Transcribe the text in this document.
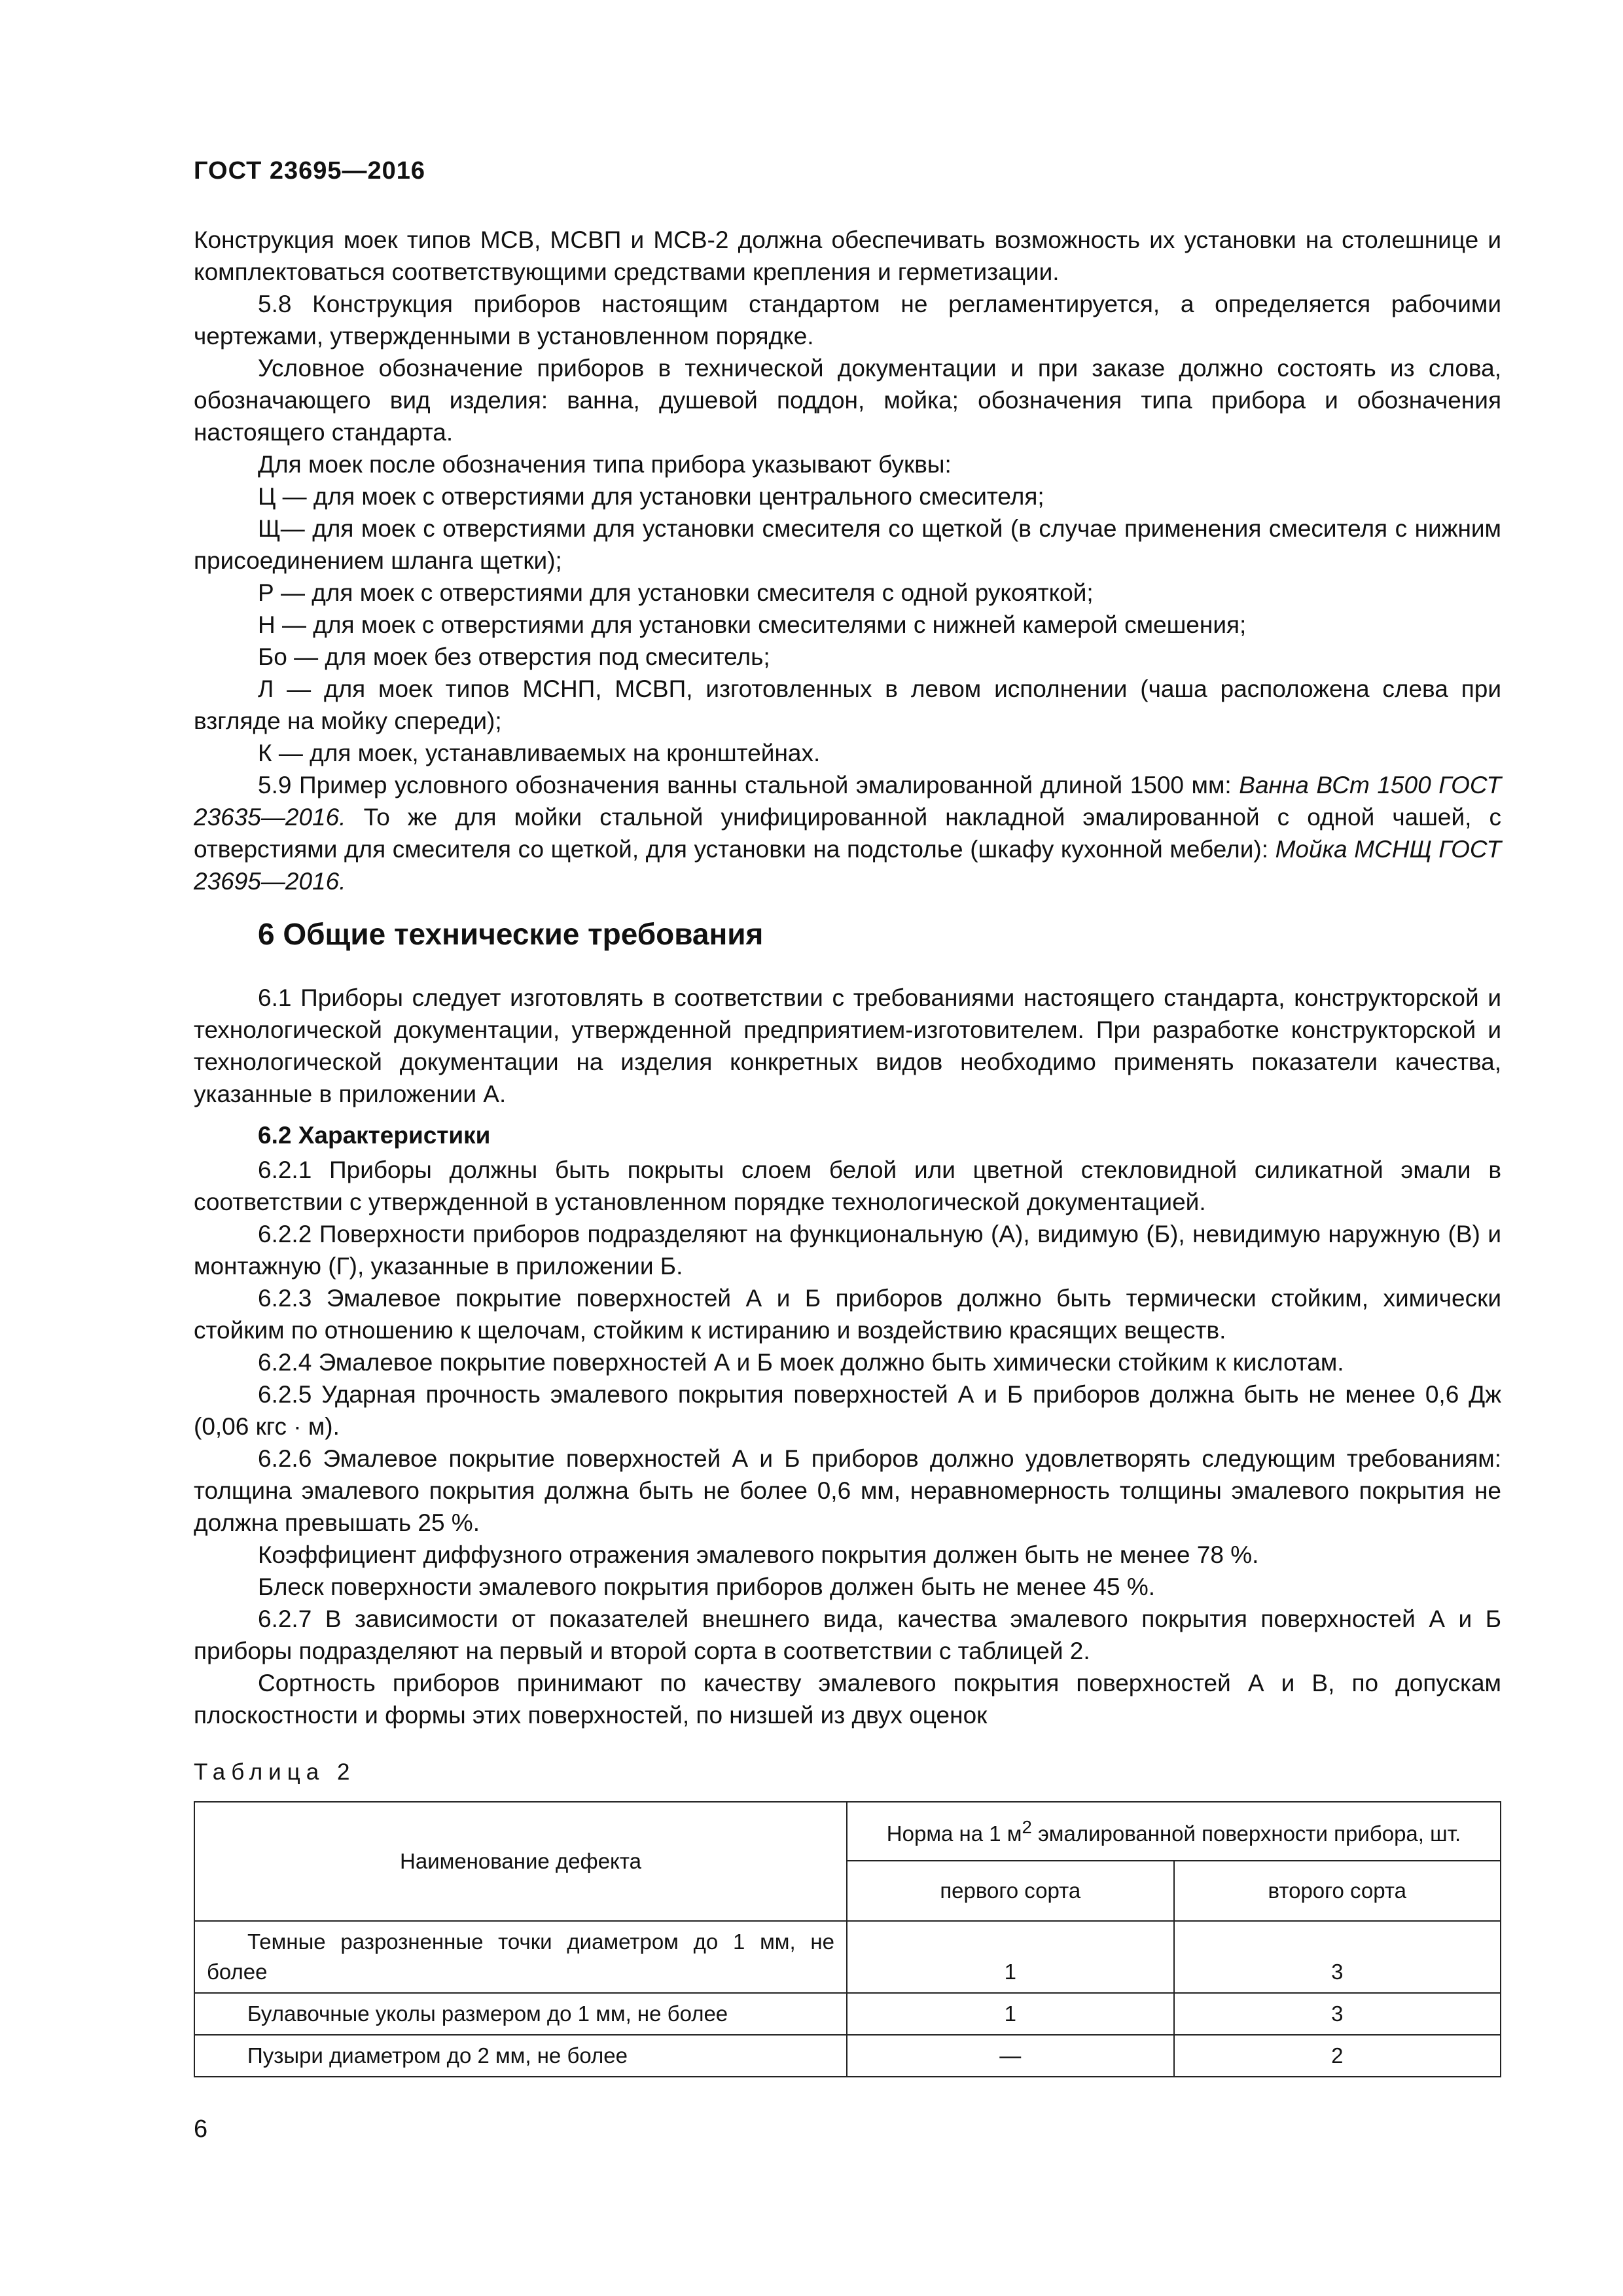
ГОСТ 23695—2016

Конструкция моек типов МСВ, МСВП и МСВ-2 должна обеспечивать возможность их установки на столешнице и комплектоваться соответствующими средствами крепления и герметизации.

5.8 Конструкция приборов настоящим стандартом не регламентируется, а определяется рабочими чертежами, утвержденными в установленном порядке.

Условное обозначение приборов в технической документации и при заказе должно состоять из слова, обозначающего вид изделия: ванна, душевой поддон, мойка; обозначения типа прибора и обозначения настоящего стандарта.

Для моек после обозначения типа прибора указывают буквы:

Ц — для моек с отверстиями для установки центрального смесителя;

Щ— для моек с отверстиями для установки смесителя со щеткой (в случае применения смесителя с нижним присоединением шланга щетки);

Р — для моек с отверстиями для установки смесителя с одной рукояткой;

Н — для моек с отверстиями для установки смесителями с нижней камерой смешения;

Бо — для моек без отверстия под смеситель;

Л — для моек типов МСНП, МСВП, изготовленных в левом исполнении (чаша расположена слева при взгляде на мойку спереди);

К — для моек, устанавливаемых на кронштейнах.

5.9 Пример условного обозначения ванны стальной эмалированной длиной 1500 мм: Ванна ВСт 1500 ГОСТ 23635—2016. То же для мойки стальной унифицированной накладной эмалированной с одной чашей, с отверстиями для смесителя со щеткой, для установки на подстолье (шкафу кухонной мебели): Мойка МСНЩ ГОСТ 23695—2016.

6 Общие технические требования

6.1 Приборы следует изготовлять в соответствии с требованиями настоящего стандарта, конструкторской и технологической документации, утвержденной предприятием-изготовителем. При разработке конструкторской и технологической документации на изделия конкретных видов необходимо применять показатели качества, указанные в приложении А.

6.2 Характеристики

6.2.1 Приборы должны быть покрыты слоем белой или цветной стекловидной силикатной эмали в соответствии с утвержденной в установленном порядке технологической документацией.

6.2.2 Поверхности приборов подразделяют на функциональную (А), видимую (Б), невидимую наружную (В) и монтажную (Г), указанные в приложении Б.

6.2.3 Эмалевое покрытие поверхностей А и Б приборов должно быть термически стойким, химически стойким по отношению к щелочам, стойким к истиранию и воздействию красящих веществ.

6.2.4 Эмалевое покрытие поверхностей А и Б моек должно быть химически стойким к кислотам.

6.2.5 Ударная прочность эмалевого покрытия поверхностей А и Б приборов должна быть не менее 0,6 Дж (0,06 кгс · м).

6.2.6 Эмалевое покрытие поверхностей А и Б приборов должно удовлетворять следующим требованиям: толщина эмалевого покрытия должна быть не более 0,6 мм, неравномерность толщины эмалевого покрытия не должна превышать 25 %.

Коэффициент диффузного отражения эмалевого покрытия должен быть не менее 78 %.

Блеск поверхности эмалевого покрытия приборов должен быть не менее 45 %.

6.2.7 В зависимости от показателей внешнего вида, качества эмалевого покрытия поверхностей А и Б приборы подразделяют на первый и второй сорта в соответствии с таблицей 2.

Сортность приборов принимают по качеству эмалевого покрытия поверхностей А и В, по допускам плоскостности и формы этих поверхностей, по низшей из двух оценок

Таблица 2
Наименование дефекта	Норма на 1 $м^2$ эмалированной поверхности прибора, шт.	
	первого сорта	второго сорта
Темные разрозненные точки диаметром до 1 мм, не более	1	3
Булавочные уколы размером до 1 мм, не более	1	3
Пузыри диаметром до 2 мм, не более	—	2
6
